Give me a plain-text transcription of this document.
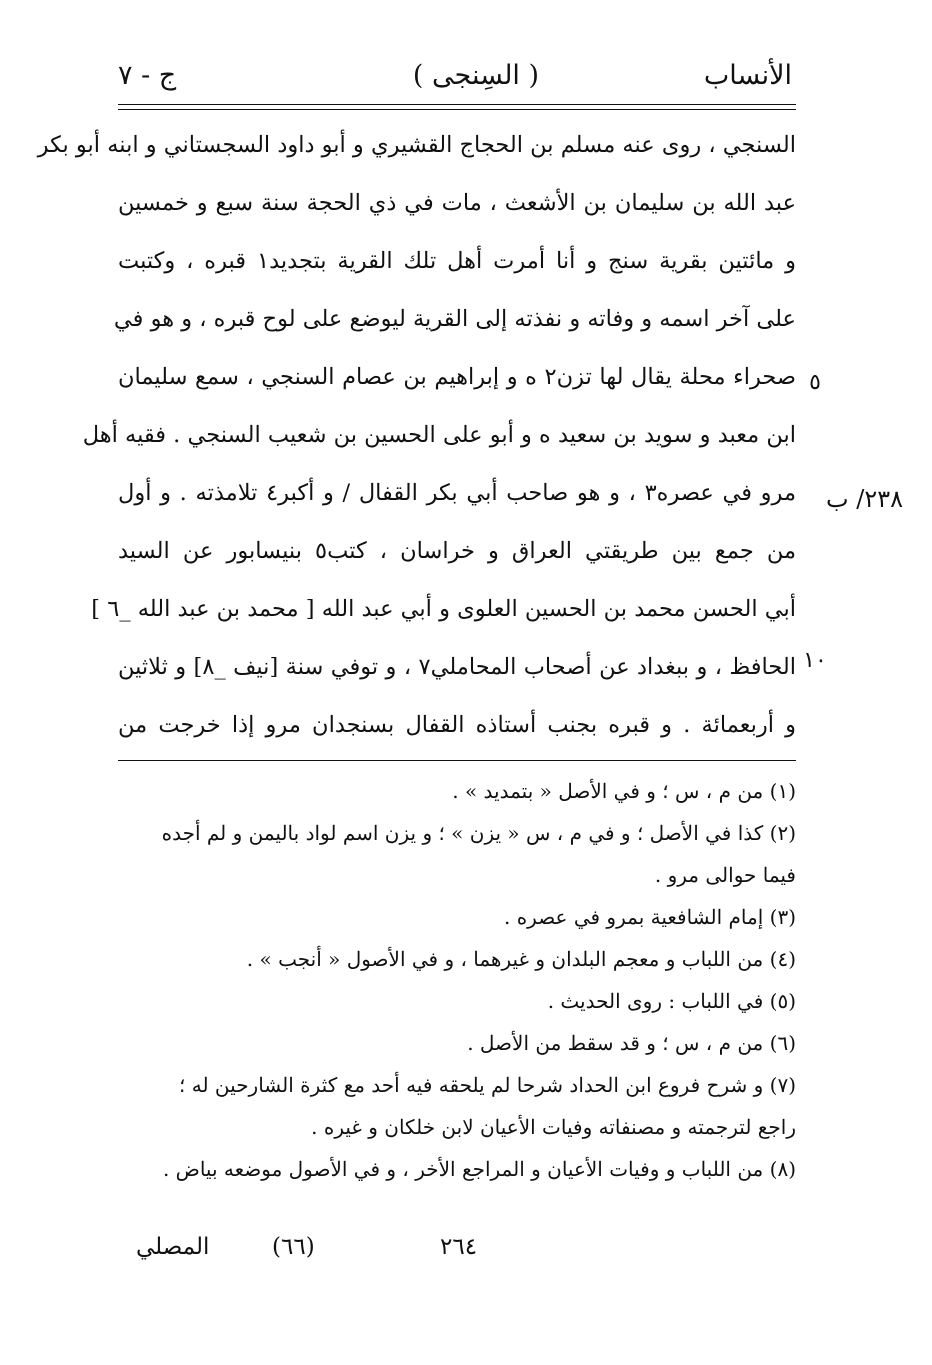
الأنساب
( السِنجى )
ج - ٧
السنجي ، روى عنه مسلم بن الحجاج القشيري و أبو داود السجستاني و ابنه أبو بكر
عبد الله بن سليمان بن الأشعث ، مات في ذي الحجة سنة سبع و خمسين
و مائتين بقرية سنج و أنا أمرت أهل تلك القرية بتجديد١ قبره ، وكتبت
على آخر اسمه و وفاته و نفذته إلى القرية ليوضع على لوح قبره ، و هو في
صحراء محلة يقال لها تزن٢ ه و إبراهيم بن عصام السنجي ، سمع سليمان
ابن معبد و سويد بن سعيد ه و أبو على الحسين بن شعيب السنجي . فقيه أهل
مرو في عصره٣ ، و هو صاحب أبي بكر القفال / و أكبر٤ تلامذته . و أول
من جمع بين طريقتي العراق و خراسان ، كتب٥ بنيسابور عن السيد
أبي الحسن محمد بن الحسين العلوى و أبي عبد الله [ محمد بن عبد الله _٦ ]
الحافظ ، و ببغداد عن أصحاب المحاملي٧ ، و توفي سنة [نيف _٨] و ثلاثين
و أربعمائة . و قبره بجنب أستاذه القفال بسنجدان مرو إذا خرجت من
٥
١٠
٢٣٨/ ب
(١) من م ، س ؛ و في الأصل « بتمديد » .
(٢) كذا في الأصل ؛ و في م ، س « يزن » ؛ و يزن اسم لواد باليمن و لم أجده
فيما حوالى مرو .
(٣) إمام الشافعية بمرو في عصره .
(٤) من اللباب و معجم البلدان و غيرهما ، و في الأصول « أنجب » .
(٥) في اللباب : روى الحديث .
(٦) من م ، س ؛ و قد سقط من الأصل .
(٧) و شرح فروع ابن الحداد شرحا لم يلحقه فيه أحد مع كثرة الشارحين له ؛
راجع لترجمته و مصنفاته وفيات الأعيان لابن خلكان و غيره .
(٨) من اللباب و وفيات الأعيان و المراجع الأخر ، و في الأصول موضعه بياض .
٢٦٤
(٦٦)
المصلي
